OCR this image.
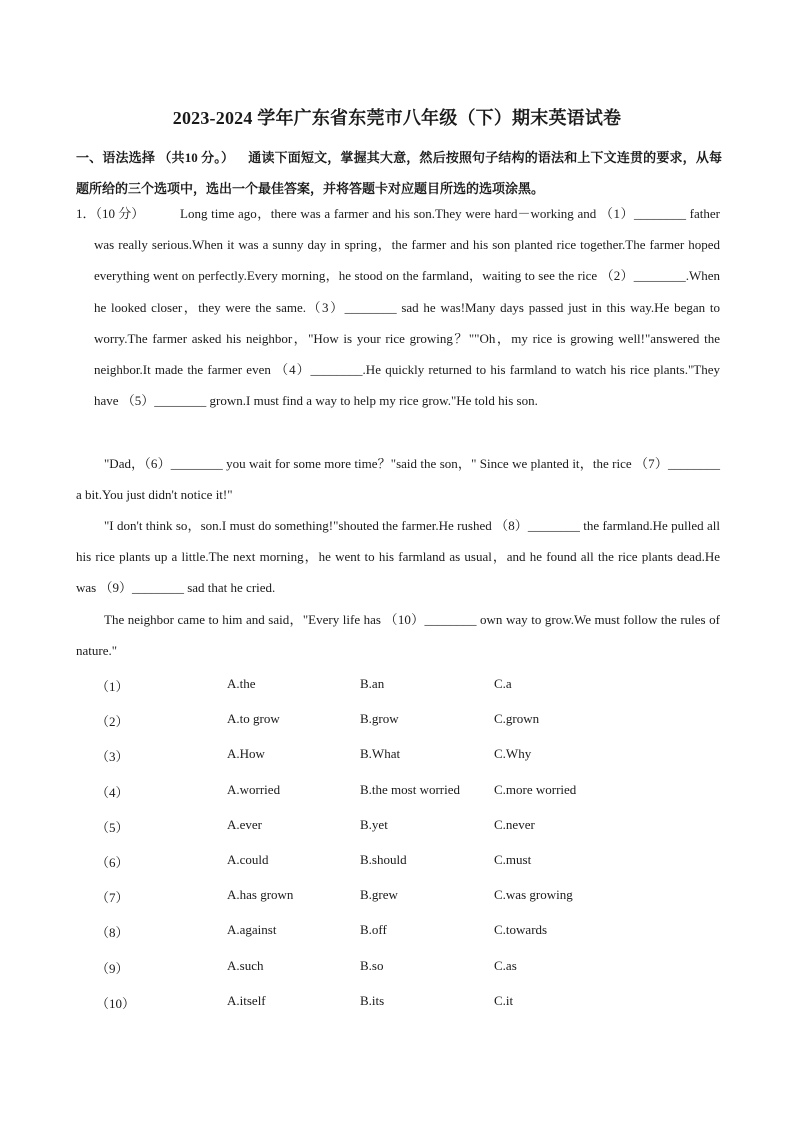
2023-2024 学年广东省东莞市八年级（下）期末英语试卷
一、语法选择 （共10 分。） 通读下面短文，掌握其大意，然后按照句子结构的语法和上下文连贯的要求，从每题所给的三个选项中，选出一个最佳答案，并将答题卡对应题目所选的选项涂黑。
1．（10 分）	Long time ago，there was a farmer and his son.They were hard－working and （1）________ father was really serious.When it was a sunny day in spring，the farmer and his son planted rice together.The farmer hoped everything went on perfectly.Every morning，he stood on the farmland，waiting to see the rice （2）________.When he looked closer，they were the same.（3）________ sad he was!Many days passed just in this way.He began to worry.The farmer asked his neighbor，"How is your rice growing？""Oh，my rice is growing well!"answered the neighbor.It made the farmer even （4）________.He quickly returned to his farmland to watch his rice plants."They have （5）________ grown.I must find a way to help my rice grow."He told his son.
"Dad，（6）________ you wait for some more time？"said the son，" Since we planted it，the rice （7）________ a bit.You just didn't notice it!"
"I don't think so，son.I must do something!"shouted the farmer.He rushed （8）________ the farmland.He pulled all his rice plants up a little.The next morning，he went to his farmland as usual，and he found all the rice plants dead.He was （9）________ sad that he cried.
The neighbor came to him and said，"Every life has （10）________ own way to grow.We must follow the rules of nature."
（1）	A.the	B.an	C.a
（2）	A.to grow	B.grow	C.grown
（3）	A.How	B.What	C.Why
（4）	A.worried	B.the most worried	C.more worried
（5）	A.ever	B.yet	C.never
（6）	A.could	B.should	C.must
（7）	A.has grown	B.grew	C.was growing
（8）	A.against	B.off	C.towards
（9）	A.such	B.so	C.as
（10）	A.itself	B.its	C.it
